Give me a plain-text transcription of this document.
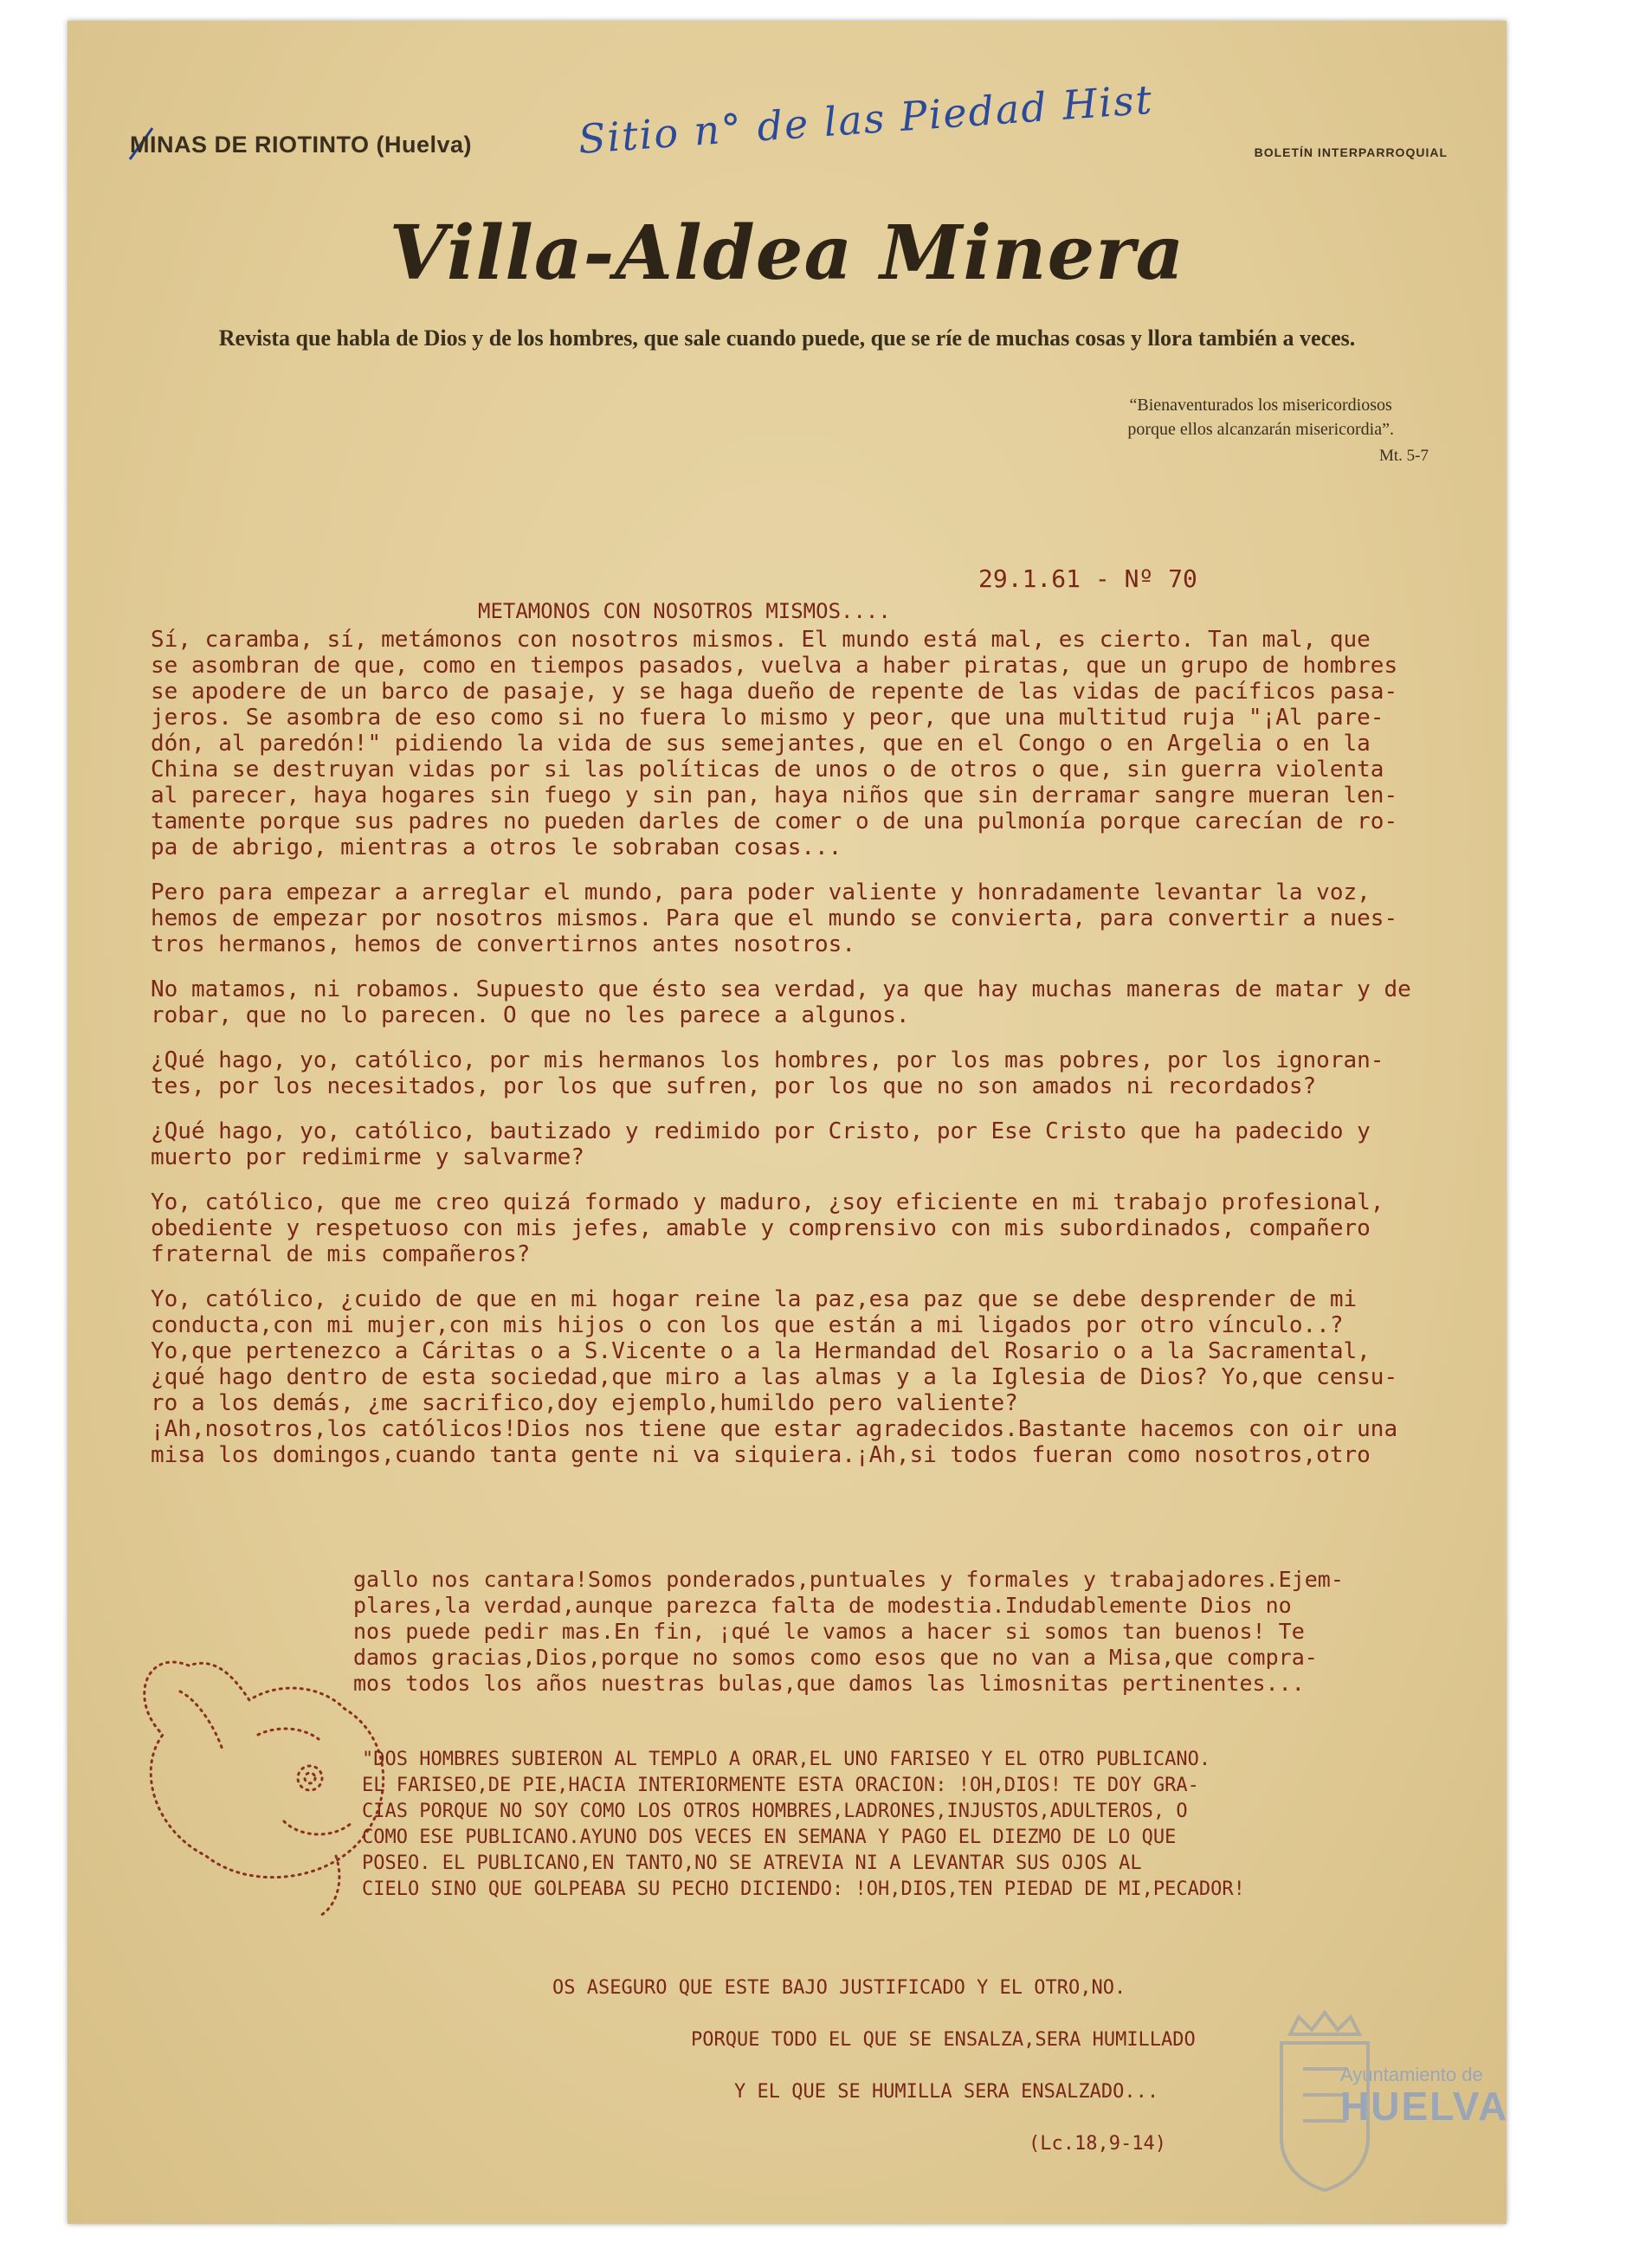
MINAS DE RIOTINTO (Huelva)	Sitio n° de las Piedad Hist	BOLETÍN INTERPARROQUIAL
Villa-Aldea Minera
Revista que habla de Dios y de los hombres, que sale cuando puede, que se ríe de muchas cosas y llora también a veces.
“Bienaventurados los misericordiosos
porque ellos alcanzarán misericordia”.
Mt. 5-7
29.1.61 - Nº 70
METAMONOS CON NOSOTROS MISMOS....

Sí, caramba, sí, metámonos con nosotros mismos. El mundo está mal, es cierto. Tan mal, que
se asombran de que, como en tiempos pasados, vuelva a haber piratas, que un grupo de hombres
se apodere de un barco de pasaje, y se haga dueño de repente de las vidas de pacíficos pasa-
jeros. Se asombra de eso como si no fuera lo mismo y peor, que una multitud ruja "¡Al pare-
dón, al paredón!" pidiendo la vida de sus semejantes, que en el Congo o en Argelia o en la
China se destruyan vidas por si las políticas de unos o de otros o que, sin guerra violenta
al parecer, haya hogares sin fuego y sin pan, haya niños que sin derramar sangre mueran len-
tamente porque sus padres no pueden darles de comer o de una pulmonía porque carecían de ro-
pa de abrigo, mientras a otros le sobraban cosas...

Pero para empezar a arreglar el mundo, para poder valiente y honradamente levantar la voz,
hemos de empezar por nosotros mismos. Para que el mundo se convierta, para convertir a nues-
tros hermanos, hemos de convertirnos antes nosotros.

No matamos, ni robamos. Supuesto que ésto sea verdad, ya que hay muchas maneras de matar y de
robar, que no lo parecen. O que no les parece a algunos.

¿Qué hago, yo, católico, por mis hermanos los hombres, por los mas pobres, por los ignoran-
tes, por los necesitados, por los que sufren, por los que no son amados ni recordados?

¿Qué hago, yo, católico, bautizado y redimido por Cristo, por Ese Cristo que ha padecido y
muerto por redimirme y salvarme?

Yo, católico, que me creo quizá formado y maduro, ¿soy eficiente en mi trabajo profesional,
obediente y respetuoso con mis jefes, amable y comprensivo con mis subordinados, compañero
fraternal de mis compañeros?

Yo, católico, ¿cuido de que en mi hogar reine la paz,esa paz que se debe desprender de mi
conducta,con mi mujer,con mis hijos o con los que están a mi ligados por otro vínculo..?
Yo,que pertenezco a Cáritas o a S.Vicente o a la Hermandad del Rosario o a la Sacramental,
¿qué hago dentro de esta sociedad,que miro a las almas y a la Iglesia de Dios? Yo,que censu-
ro a los demás, ¿me sacrifico,doy ejemplo,humildo pero valiente?
¡Ah,nosotros,los católicos!Dios nos tiene que estar agradecidos.Bastante hacemos con oir una
misa los domingos,cuando tanta gente ni va siquiera.¡Ah,si todos fueran como nosotros,otro

gallo nos cantara!Somos ponderados,puntuales y formales y trabajadores.Ejem-
plares,la verdad,aunque parezca falta de modestia.Indudablemente Dios no
nos puede pedir mas.En fin, ¡qué le vamos a hacer si somos tan buenos! Te
damos gracias,Dios,porque no somos como esos que no van a Misa,que compra-
mos todos los años nuestras bulas,que damos las limosnitas pertinentes...
"DOS HOMBRES SUBIERON AL TEMPLO A ORAR,EL UNO FARISEO Y EL OTRO PUBLICANO.
EL FARISEO,DE PIE,HACIA INTERIORMENTE ESTA ORACION: !OH,DIOS! TE DOY GRA-
CIAS PORQUE NO SOY COMO LOS OTROS HOMBRES,LADRONES,INJUSTOS,ADULTEROS, O
COMO ESE PUBLICANO.AYUNO DOS VECES EN SEMANA Y PAGO EL DIEZMO DE LO QUE
POSEO. EL PUBLICANO,EN TANTO,NO SE ATREVIA NI A LEVANTAR SUS OJOS AL
CIELO SINO QUE GOLPEABA SU PECHO DICIENDO: !OH,DIOS,TEN PIEDAD DE MI,PECADOR!

OS ASEGURO QUE ESTE BAJO JUSTIFICADO Y EL OTRO,NO.

PORQUE TODO EL QUE SE ENSALZA,SERA HUMILLADO

Y EL QUE SE HUMILLA SERA ENSALZADO...

(Lc.18,9-14)

Ayuntamiento de
HUELVA
